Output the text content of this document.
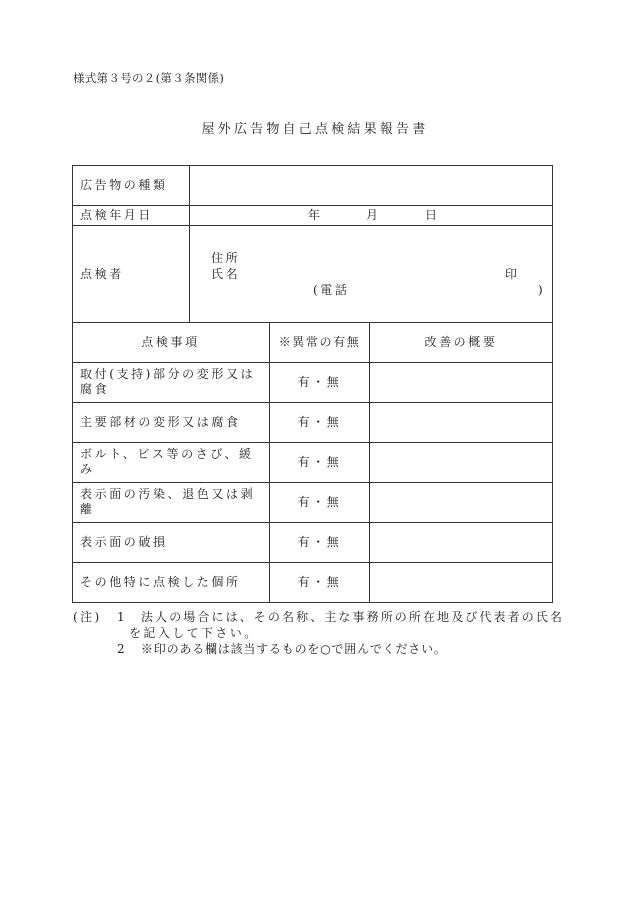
様式第３号の２(第３条関係)
屋外広告物自己点検結果報告書
広告物の種類
点検年月日	年	月	日
点検者
住所
氏名	印
(電話	)
点検事項	※異常の有無	改善の概要
取付(支持)部分の変形又は腐食	有・無
主要部材の変形又は腐食	有・無
ボルト、ビス等のさび、緩み	有・無
表示面の汚染、退色又は剥離	有・無
表示面の破損	有・無
その他特に点検した個所	有・無
(注) 1 法人の場合には、その名称、主な事務所の所在地及び代表者の氏名
を記入して下さい。
2 ※印のある欄は該当するものを○で囲んでください。
